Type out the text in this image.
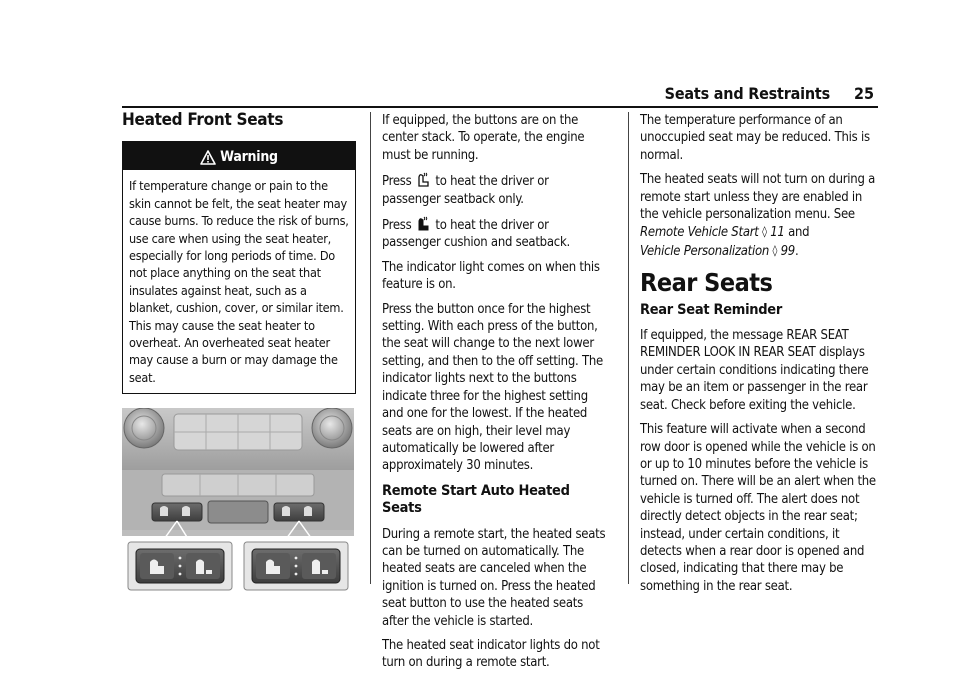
Seats and Restraints 25
Heated Front Seats
Warning
If temperature change or pain to the skin cannot be felt, the seat heater may cause burns. To reduce the risk of burns, use care when using the seat heater, especially for long periods of time. Do not place anything on the seat that insulates against heat, such as a blanket, cushion, cover, or similar item. This may cause the seat heater to overheat. An overheated seat heater may cause a burn or may damage the seat.

If equipped, the buttons are on the center stack. To operate, the engine must be running.

Press to heat the driver or passenger seatback only.

Press to heat the driver or passenger cushion and seatback.

The indicator light comes on when this feature is on.

Press the button once for the highest setting. With each press of the button, the seat will change to the next lower setting, and then to the off setting. The indicator lights next to the buttons indicate three for the highest setting and one for the lowest. If the heated seats are on high, their level may automatically be lowered after approximately 30 minutes.

Remote Start Auto Heated Seats

During a remote start, the heated seats can be turned on automatically. The heated seats are canceled when the ignition is turned on. Press the heated seat button to use the heated seats after the vehicle is started.

The heated seat indicator lights do not turn on during a remote start.

The temperature performance of an unoccupied seat may be reduced. This is normal.

The heated seats will not turn on during a remote start unless they are enabled in the vehicle personalization menu. See Remote Vehicle Start ◊ 11 and
Vehicle Personalization ◊ 99.

Rear Seats
Rear Seat Reminder

If equipped, the message REAR SEAT REMINDER LOOK IN REAR SEAT displays under certain conditions indicating there may be an item or passenger in the rear seat. Check before exiting the vehicle.

This feature will activate when a second row door is opened while the vehicle is on or up to 10 minutes before the vehicle is turned on. There will be an alert when the vehicle is turned off. The alert does not directly detect objects in the rear seat; instead, under certain conditions, it detects when a rear door is opened and closed, indicating that there may be something in the rear seat.
